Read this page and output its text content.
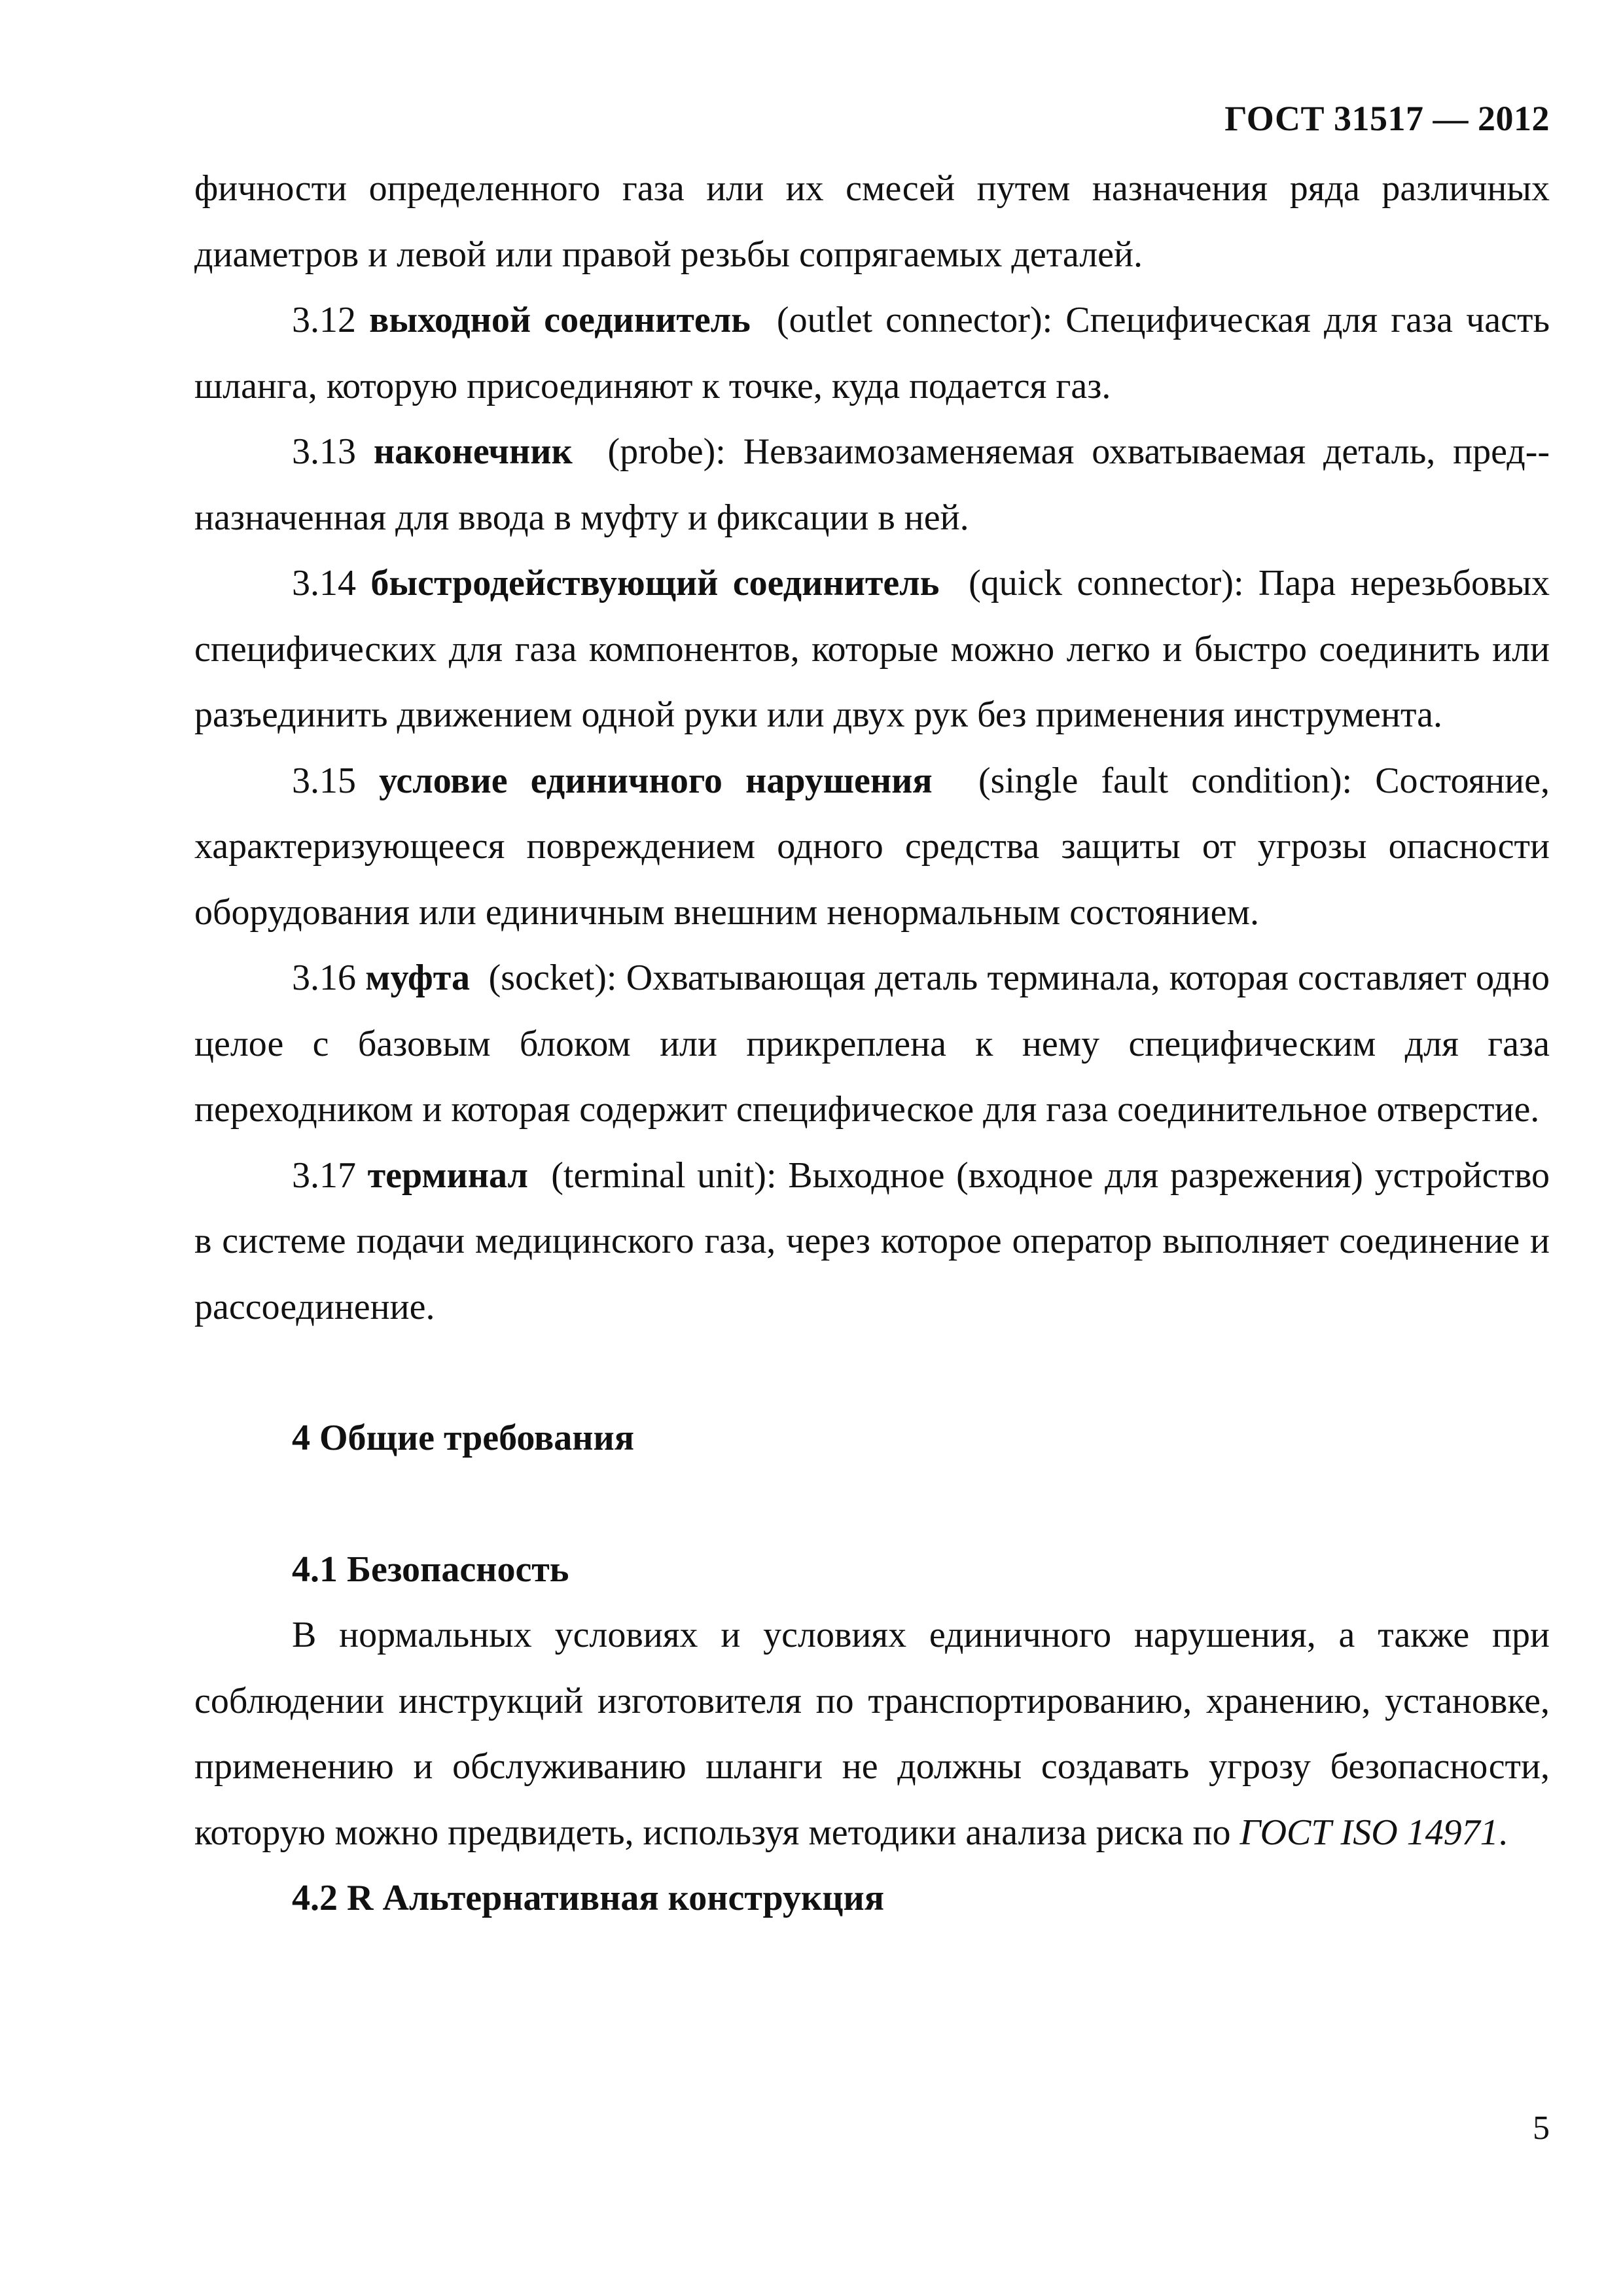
ГОСТ 31517 — 2012

фичности определенного газа или их смесей путем назначения ряда различных диаметров и левой или правой резьбы сопрягаемых деталей.

3.12 выходной соединитель (outlet connector): Специфическая для газа часть шланга, которую присоединяют к точке, куда подается газ.

3.13 наконечник (probe): Невзаимозаменяемая охватываемая деталь, пред-назначенная для ввода в муфту и фиксации в ней.

3.14 быстродействующий соединитель (quick connector): Пара нерезьбовых специфических для газа компонентов, которые можно легко и быстро соединить или разъединить движением одной руки или двух рук без применения инструмента.

3.15 условие единичного нарушения (single fault condition): Состояние, характеризующееся повреждением одного средства защиты от угрозы опасности оборудования или единичным внешним ненормальным состоянием.

3.16 муфта (socket): Охватывающая деталь терминала, которая составляет одно целое с базовым блоком или прикреплена к нему специфическим для газа переходником и которая содержит специфическое для газа соединительное отверстие.

3.17 терминал (terminal unit): Выходное (входное для разрежения) устройство в системе подачи медицинского газа, через которое оператор выполняет соединение и рассоединение.

4 Общие требования

4.1 Безопасность

В нормальных условиях и условиях единичного нарушения, а также при соблюдении инструкций изготовителя по транспортированию, хранению, установке, применению и обслуживанию шланги не должны создавать угрозу безопасности, которую можно предвидеть, используя методики анализа риска по ГОСТ ISO 14971.

4.2 R Альтернативная конструкция

5
